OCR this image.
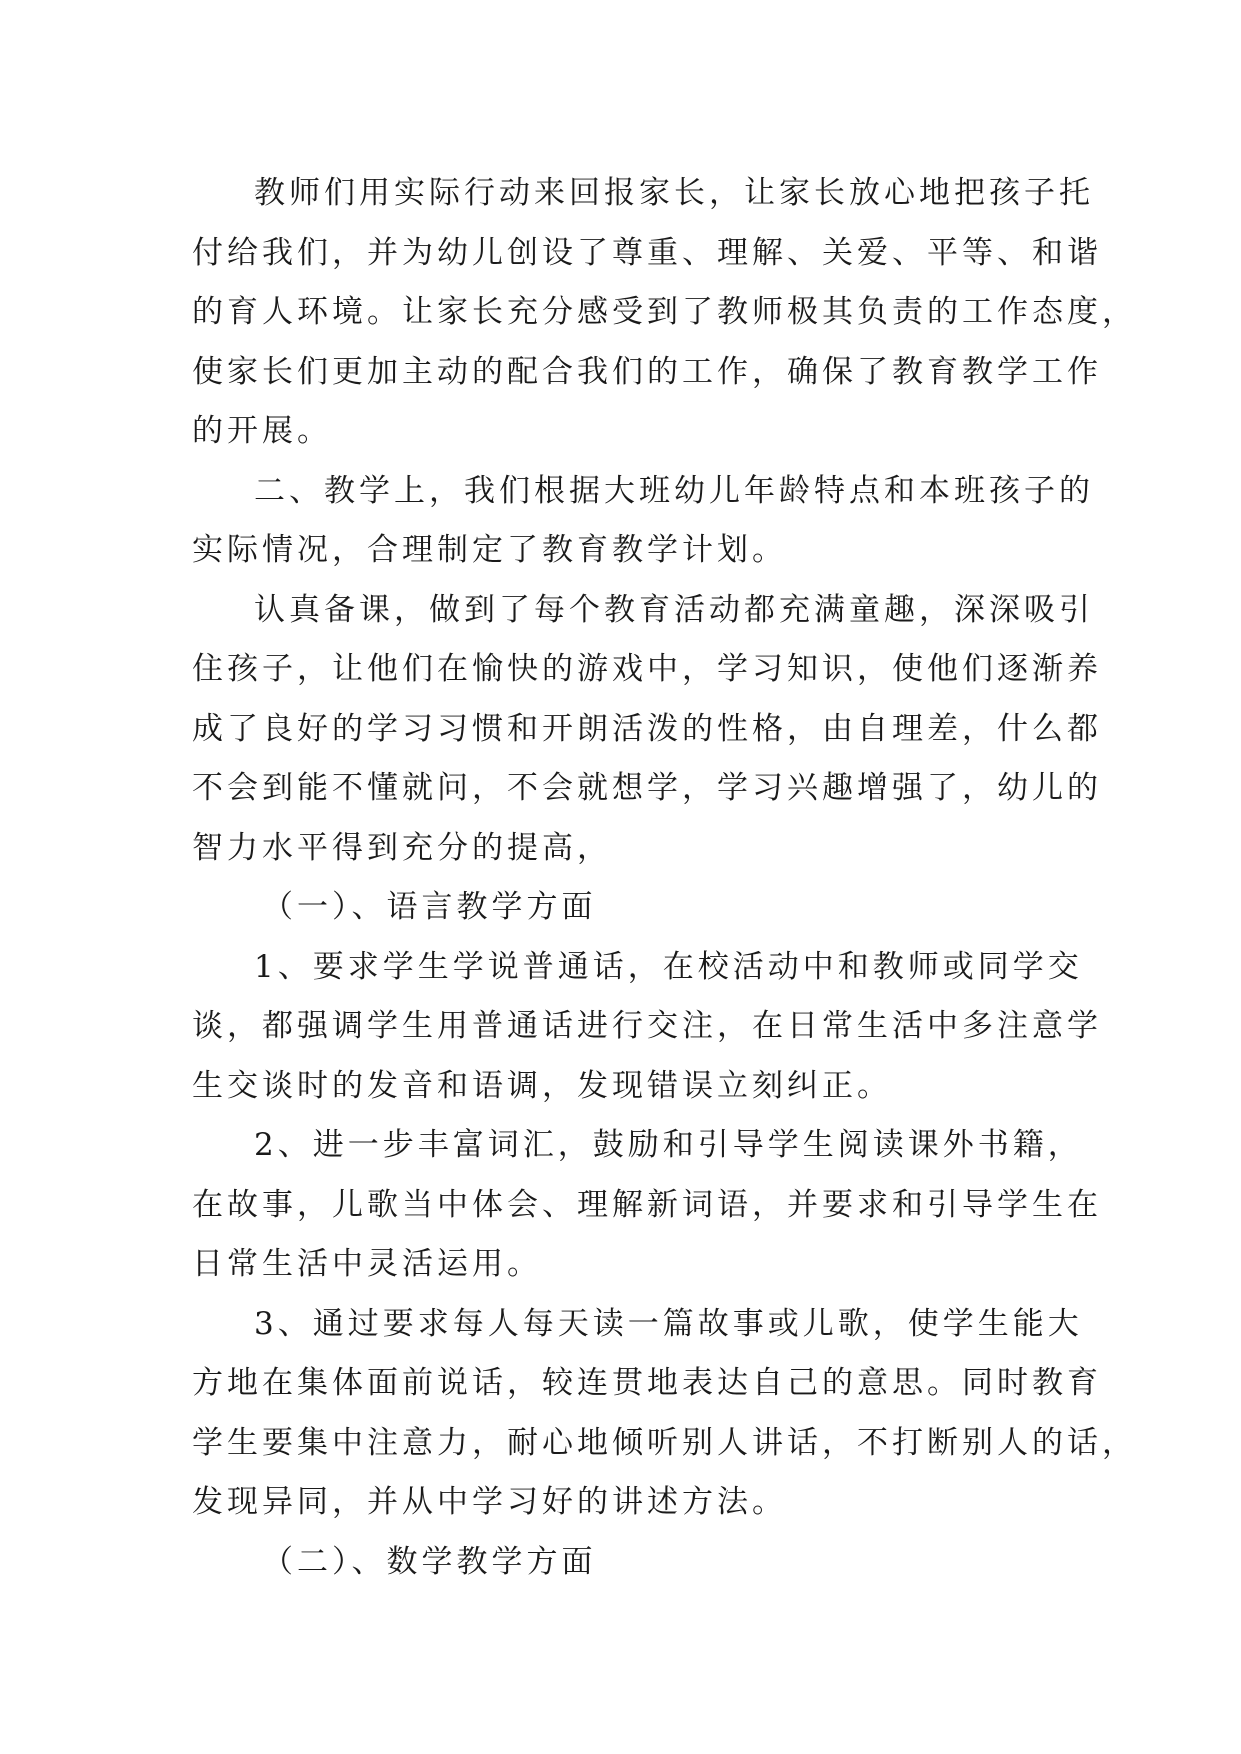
教师们用实际行动来回报家长，让家长放心地把孩子托
付给我们，并为幼儿创设了尊重、理解、关爱、平等、和谐
的育人环境。让家长充分感受到了教师极其负责的工作态度，
使家长们更加主动的配合我们的工作，确保了教育教学工作
的开展。
二、教学上，我们根据大班幼儿年龄特点和本班孩子的
实际情况，合理制定了教育教学计划。
认真备课，做到了每个教育活动都充满童趣，深深吸引
住孩子，让他们在愉快的游戏中，学习知识，使他们逐渐养
成了良好的学习习惯和开朗活泼的性格，由自理差，什么都
不会到能不懂就问，不会就想学，学习兴趣增强了，幼儿的
智力水平得到充分的提高，
（一）、语言教学方面
1、要求学生学说普通话，在校活动中和教师或同学交
谈，都强调学生用普通话进行交注，在日常生活中多注意学
生交谈时的发音和语调，发现错误立刻纠正。
2、进一步丰富词汇，鼓励和引导学生阅读课外书籍，
在故事，儿歌当中体会、理解新词语，并要求和引导学生在
日常生活中灵活运用。
3、通过要求每人每天读一篇故事或儿歌，使学生能大
方地在集体面前说话，较连贯地表达自己的意思。同时教育
学生要集中注意力，耐心地倾听别人讲话，不打断别人的话，
发现异同，并从中学习好的讲述方法。
（二）、数学教学方面
